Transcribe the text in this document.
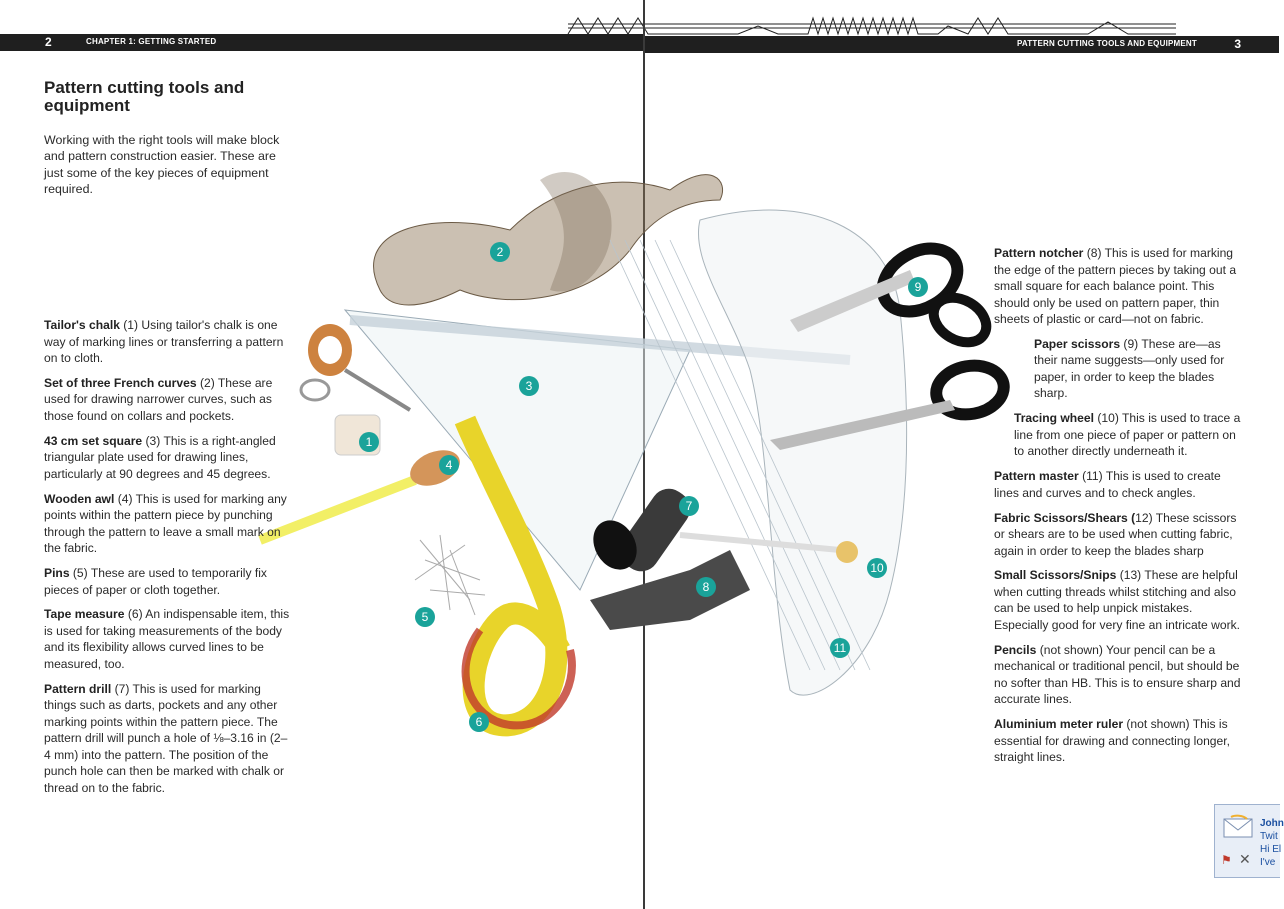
2	CHAPTER 1: GETTING STARTED	PATTERN CUTTING TOOLS AND EQUIPMENT	3
Pattern cutting tools and equipment

Working with the right tools will make block and pattern construction easier. These are just some of the key pieces of equipment required.

1
2
3
4
5
6
7
8
9
10
11

Tailor's chalk (1) Using tailor's chalk is one way of marking lines or transferring a pattern on to cloth.

Set of three French curves (2) These are used for drawing narrower curves, such as those found on collars and pockets.

43 cm set square (3) This is a right-angled triangular plate used for drawing lines, particularly at 90 degrees and 45 degrees.

Wooden awl (4) This is used for marking any points within the pattern piece by punching through the pattern to leave a small mark on the fabric.

Pins (5) These are used to temporarily fix pieces of paper or cloth together.

Tape measure (6) An indispensable item, this is used for taking measurements of the body and its flexibility allows curved lines to be measured, too.

Pattern drill (7) This is used for marking things such as darts, pockets and any other marking points within the pattern piece. The pattern drill will punch a hole of ⅛–3.16 in (2–4 mm) into the pattern. The position of the punch hole can then be marked with chalk or thread on to the fabric.

Pattern notcher (8) This is used for marking the edge of the pattern pieces by taking out a small square for each balance point. This should only be used on pattern paper, thin sheets of plastic or card—not on fabric.

Paper scissors (9) These are—as their name suggests—only used for paper, in order to keep the blades sharp.

Tracing wheel (10) This is used to trace a line from one piece of paper or pattern on to another directly underneath it.

Pattern master (11) This is used to create lines and curves and to check angles.

Fabric Scissors/Shears (12) These scissors or shears are to be used when cutting fabric, again in order to keep the blades sharp

Small Scissors/Snips (13) These are helpful when cutting threads whilst stitching and also can be used to help unpick mistakes. Especially good for very fine an intricate work.

Pencils (not shown) Your pencil can be a mechanical or traditional pencil, but should be no softer than HB. This is to ensure sharp and accurate lines.

Aluminium meter ruler (not shown) This is essential for drawing and connecting longer, straight lines.

John
Twit
Hi El
I've
⚑ ✕
